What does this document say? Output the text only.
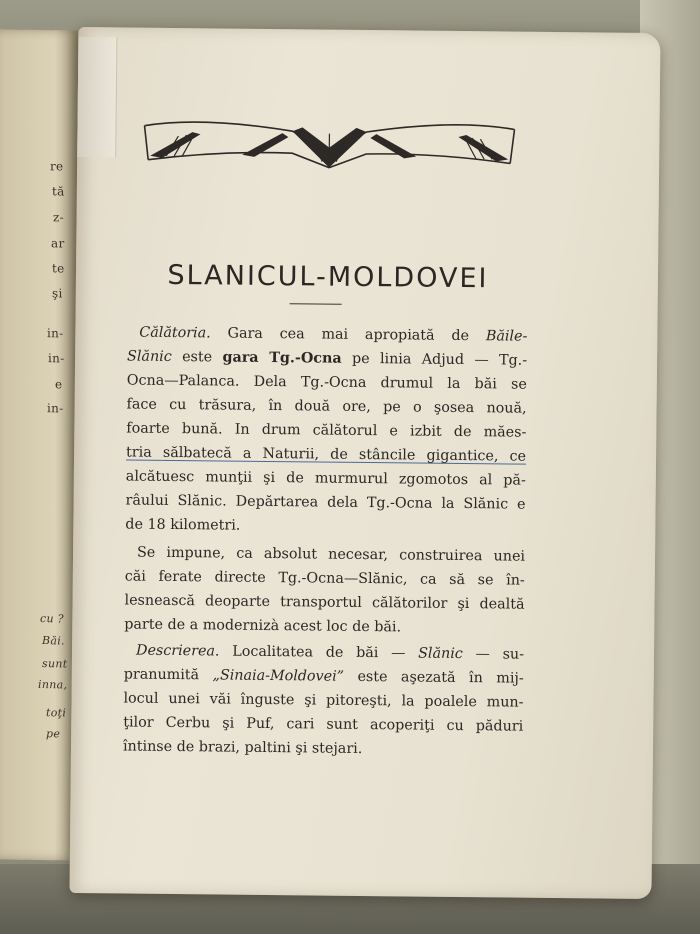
re
tă
z-
ar
te
şi
in-
in-
e
in-
cu ?
Băi.
sunt
inna,
toţi
pe
SLANICUL-MOLDOVEI
Călătoria. Gara cea mai apropiată de Băile-
Slănic este gara Tg.-Ocna pe linia Adjud — Tg.-
Ocna—Palanca. Dela Tg.-Ocna drumul la băi se
face cu trăsura, în două ore, pe o şosea nouă,
foarte bună. In drum călătorul e izbit de măes-
tria sălbatecă a Naturii, de stâncile gigantice, ce
alcătuesc munţii şi de murmurul zgomotos al pă-
râului Slănic. Depărtarea dela Tg.-Ocna la Slănic e
de 18 kilometri.
Se impune, ca absolut necesar, construirea unei
căi ferate directe Tg.-Ocna—Slănic, ca să se în-
lesnească deoparte transportul călătorilor şi dealtă
parte de a modernizà acest loc de băi.
Descrierea. Localitatea de băi — Slănic — su-
pranumită „Sinaia-Moldovei” este aşezată în mij-
locul unei văi înguste şi pitoreşti, la poalele mun-
ţilor Cerbu şi Puf, cari sunt acoperiţi cu păduri
întinse de brazi, paltini şi stejari.
